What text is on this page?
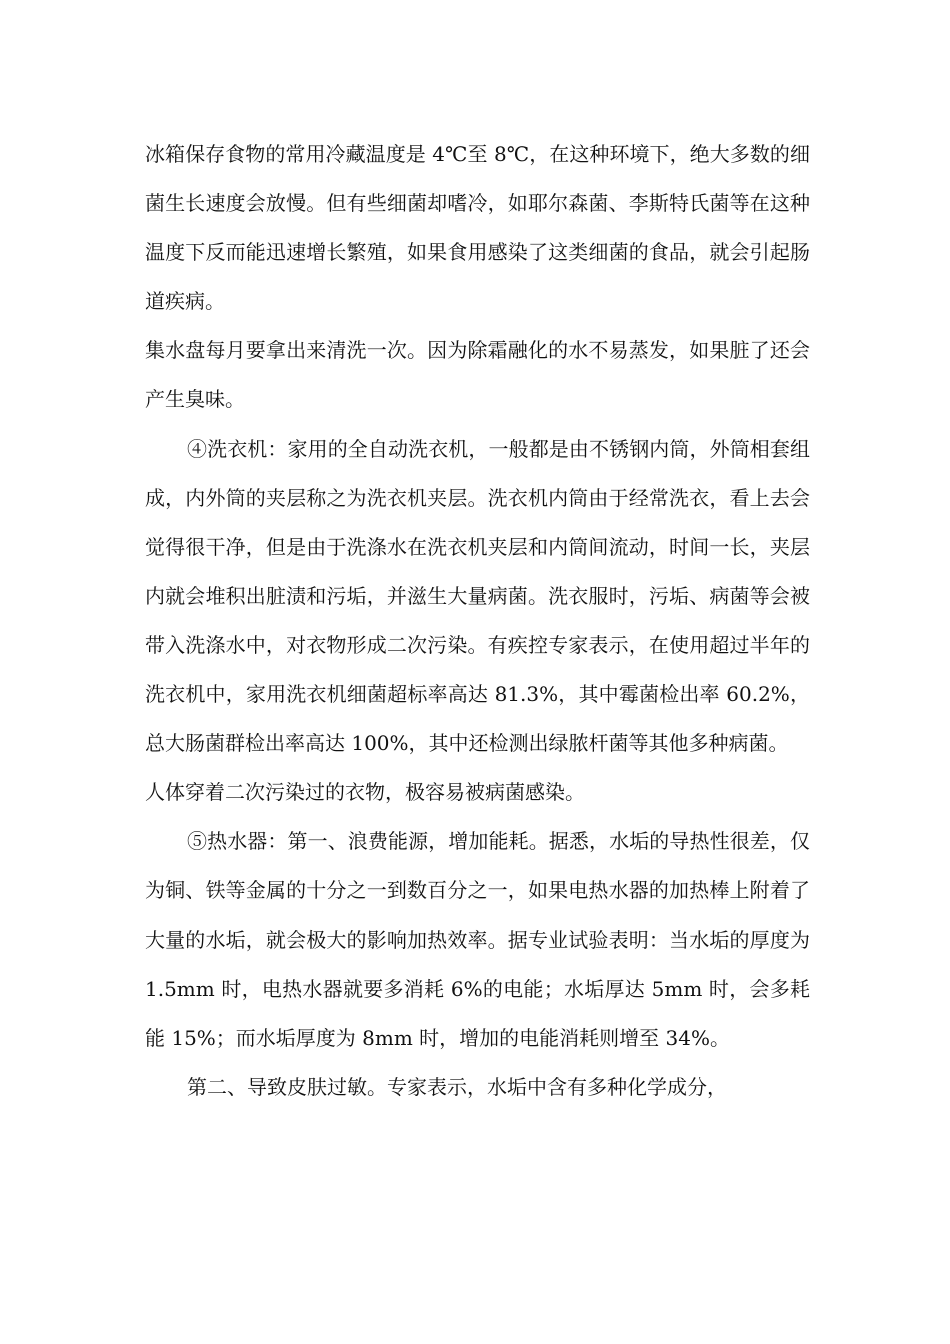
冰箱保存食物的常用冷藏温度是 4℃至 8℃，在这种环境下，绝大多数的细菌生长速度会放慢。但有些细菌却嗜冷，如耶尔森菌、李斯特氏菌等在这种温度下反而能迅速增长繁殖，如果食用感染了这类细菌的食品，就会引起肠道疾病。

集水盘每月要拿出来清洗一次。因为除霜融化的水不易蒸发，如果脏了还会产生臭味。

④洗衣机：家用的全自动洗衣机，一般都是由不锈钢内筒，外筒相套组成，内外筒的夹层称之为洗衣机夹层。洗衣机内筒由于经常洗衣，看上去会觉得很干净，但是由于洗涤水在洗衣机夹层和内筒间流动，时间一长，夹层内就会堆积出脏渍和污垢，并滋生大量病菌。洗衣服时，污垢、病菌等会被带入洗涤水中，对衣物形成二次污染。有疾控专家表示，在使用超过半年的洗衣机中，家用洗衣机细菌超标率高达 81.3%，其中霉菌检出率 60.2%，总大肠菌群检出率高达 100%，其中还检测出绿脓杆菌等其他多种病菌。

人体穿着二次污染过的衣物，极容易被病菌感染。

⑤热水器：第一、浪费能源，增加能耗。据悉，水垢的导热性很差，仅为铜、铁等金属的十分之一到数百分之一，如果电热水器的加热棒上附着了大量的水垢，就会极大的影响加热效率。据专业试验表明：当水垢的厚度为 1.5mm 时，电热水器就要多消耗 6%的电能；水垢厚达 5mm 时，会多耗能 15%；而水垢厚度为 8mm 时，增加的电能消耗则增至 34%。

第二、导致皮肤过敏。专家表示，水垢中含有多种化学成分，
